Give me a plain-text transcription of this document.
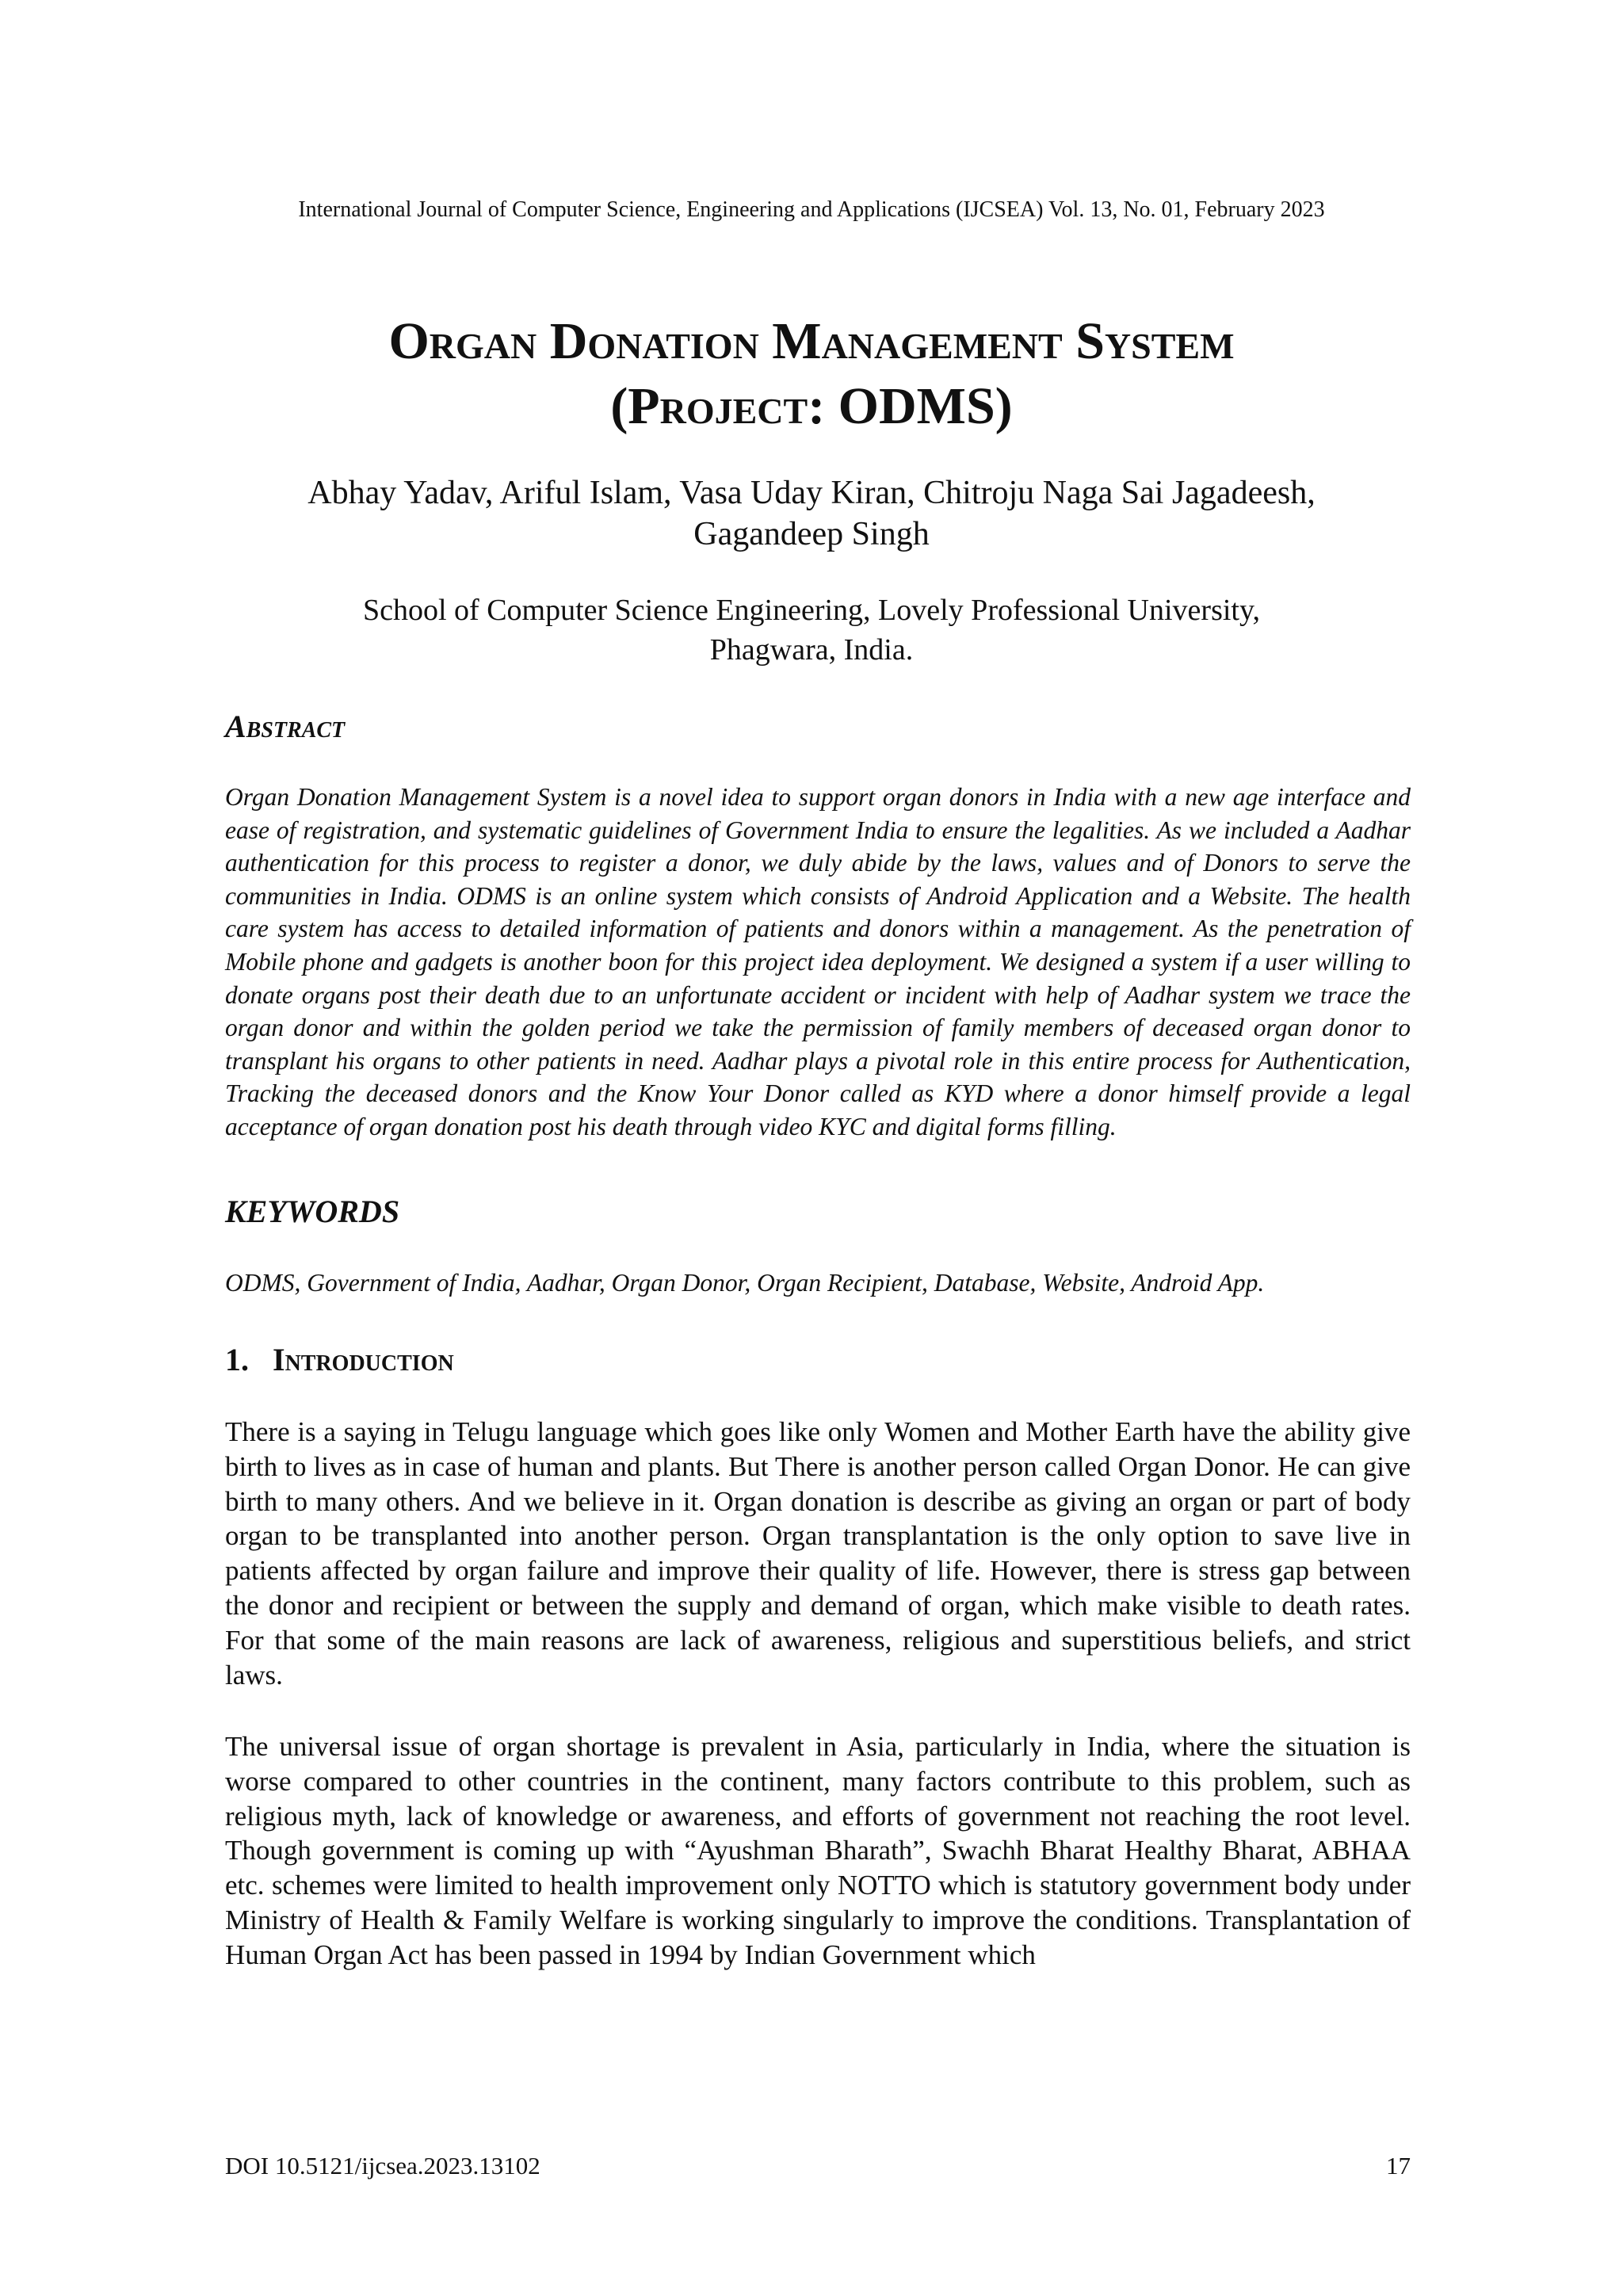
International Journal of Computer Science, Engineering and Applications (IJCSEA) Vol. 13, No. 01, February 2023
Organ Donation Management System
(Project: ODMS)
Abhay Yadav, Ariful Islam, Vasa Uday Kiran, Chitroju Naga Sai Jagadeesh,
Gagandeep Singh
School of Computer Science Engineering, Lovely Professional University,
Phagwara, India.
Abstract
Organ Donation Management System is a novel idea to support organ donors in India with a new age interface and ease of registration, and systematic guidelines of Government India to ensure the legalities. As we included a Aadhar authentication for this process to register a donor, we duly abide by the laws, values and of Donors to serve the communities in India. ODMS is an online system which consists of Android Application and a Website. The health care system has access to detailed information of patients and donors within a management. As the penetration of Mobile phone and gadgets is another boon for this project idea deployment. We designed a system if a user willing to donate organs post their death due to an unfortunate accident or incident with help of Aadhar system we trace the organ donor and within the golden period we take the permission of family members of deceased organ donor to transplant his organs to other patients in need. Aadhar plays a pivotal role in this entire process for Authentication, Tracking the deceased donors and the Know Your Donor called as KYD where a donor himself provide a legal acceptance of organ donation post his death through video KYC and digital forms filling.
KEYWORDS
ODMS, Government of India, Aadhar, Organ Donor, Organ Recipient, Database, Website, Android App.
1. Introduction
There is a saying in Telugu language which goes like only Women and Mother Earth have the ability give birth to lives as in case of human and plants. But There is another person called Organ Donor. He can give birth to many others. And we believe in it. Organ donation is describe as giving an organ or part of body organ to be transplanted into another person. Organ transplantation is the only option to save live in patients affected by organ failure and improve their quality of life. However, there is stress gap between the donor and recipient or between the supply and demand of organ, which make visible to death rates. For that some of the main reasons are lack of awareness, religious and superstitious beliefs, and strict laws.
The universal issue of organ shortage is prevalent in Asia, particularly in India, where the situation is worse compared to other countries in the continent, many factors contribute to this problem, such as religious myth, lack of knowledge or awareness, and efforts of government not reaching the root level. Though government is coming up with “Ayushman Bharath”, Swachh Bharat Healthy Bharat, ABHAA etc. schemes were limited to health improvement only NOTTO which is statutory government body under Ministry of Health & Family Welfare is working singularly to improve the conditions. Transplantation of Human Organ Act has been passed in 1994 by Indian Government which
DOI 10.5121/ijcsea.2023.13102	17
